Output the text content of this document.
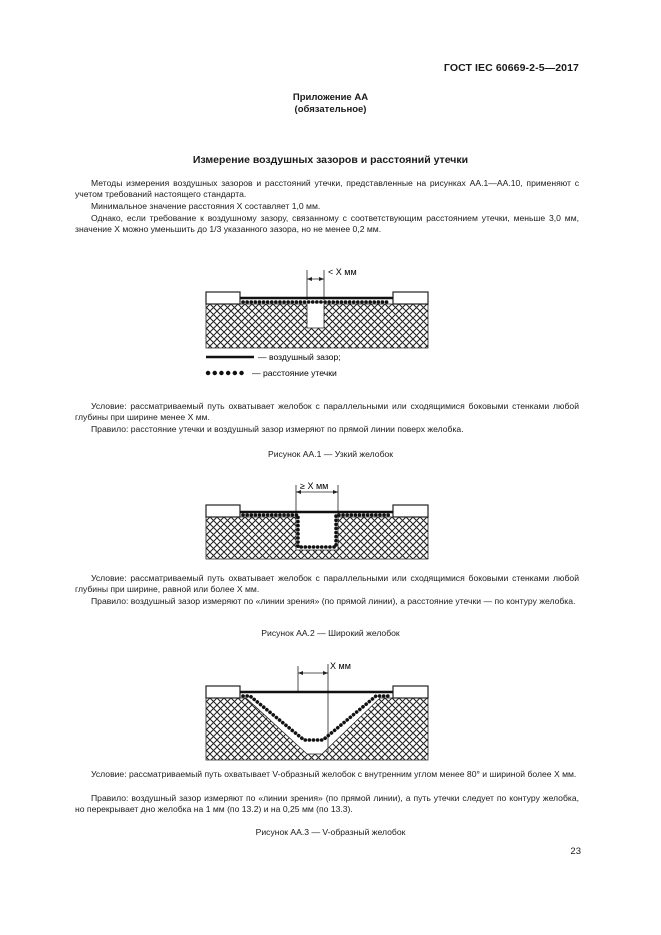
ГОСТ IEC 60669-2-5—2017
Приложение АА
(обязательное)
Измерение воздушных зазоров и расстояний утечки

Методы измерения воздушных зазоров и расстояний утечки, представленные на рисунках АА.1—АА.10, применяют с учетом требований настоящего стандарта.

Минимальное значение расстояния X составляет 1,0 мм.

Однако, если требование к воздушному зазору, связанному с соответствующим расстоянием утечки, меньше 3,0 мм, значение X можно уменьшить до 1/3 указанного зазора, но не менее 0,2 мм.

< X мм
— воздушный зазор;
— расстояние утечки

Условие: рассматриваемый путь охватывает желобок с параллельными или сходящимися боковыми стенками любой глубины при ширине менее X мм.

Правило: расстояние утечки и воздушный зазор измеряют по прямой линии поверх желобка.

Рисунок АА.1 — Узкий желобок
≥ X мм

Условие: рассматриваемый путь охватывает желобок с параллельными или сходящимися боковыми стенками любой глубины при ширине, равной или более X мм.

Правило: воздушный зазор измеряют по «линии зрения» (по прямой линии), а расстояние утечки — по контуру желобка.

Рисунок АА.2 — Широкий желобок
X мм

Условие: рассматриваемый путь охватывает V-образный желобок с внутренним углом менее 80° и шириной более X мм.

Правило: воздушный зазор измеряют по «линии зрения» (по прямой линии), а путь утечки следует по контуру желобка, но перекрывает дно желобка на 1 мм (по 13.2) и на 0,25 мм (по 13.3).

Рисунок АА.3 — V-образный желобок
23
